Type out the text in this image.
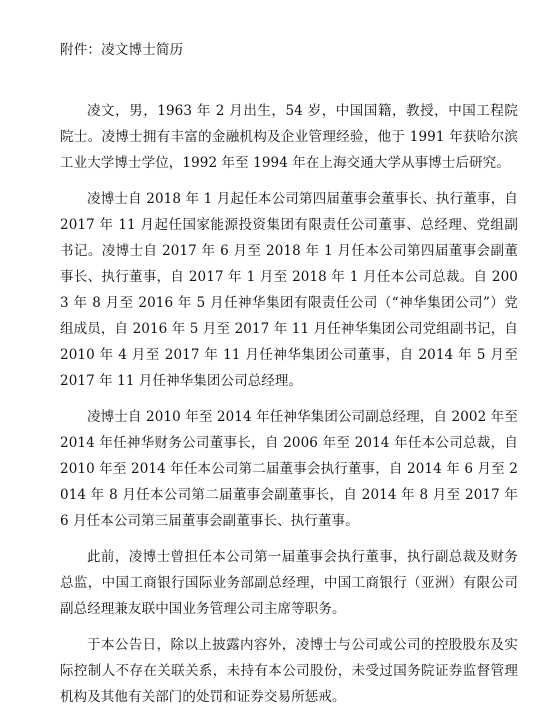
附件：凌文博士简历

凌文，男，1963 年 2 月出生，54 岁，中国国籍，教授，中国工程院院士。凌博士拥有丰富的金融机构及企业管理经验，他于 1991 年获哈尔滨工业大学博士学位，1992 年至 1994 年在上海交通大学从事博士后研究。

凌博士自 2018 年 1 月起任本公司第四届董事会董事长、执行董事，自 2017 年 11 月起任国家能源投资集团有限责任公司董事、总经理、党组副书记。凌博士自 2017 年 6 月至 2018 年 1 月任本公司第四届董事会副董事长、执行董事，自 2017 年 1 月至 2018 年 1 月任本公司总裁。自 2003 年 8 月至 2016 年 5 月任神华集团有限责任公司（“神华集团公司”）党组成员，自 2016 年 5 月至 2017 年 11 月任神华集团公司党组副书记，自 2010 年 4 月至 2017 年 11 月任神华集团公司董事，自 2014 年 5 月至 2017 年 11 月任神华集团公司总经理。

凌博士自 2010 年至 2014 年任神华集团公司副总经理，自 2002 年至 2014 年任神华财务公司董事长，自 2006 年至 2014 年任本公司总裁，自 2010 年至 2014 年任本公司第二届董事会执行董事，自 2014 年 6 月至 2014 年 8 月任本公司第二届董事会副董事长，自 2014 年 8 月至 2017 年 6 月任本公司第三届董事会副董事长、执行董事。

此前，凌博士曾担任本公司第一届董事会执行董事，执行副总裁及财务总监，中国工商银行国际业务部副总经理，中国工商银行（亚洲）有限公司副总经理兼友联中国业务管理公司主席等职务。

于本公告日，除以上披露内容外，凌博士与公司或公司的控股股东及实际控制人不存在关联关系，未持有本公司股份，未受过国务院证券监督管理机构及其他有关部门的处罚和证券交易所惩戒。
